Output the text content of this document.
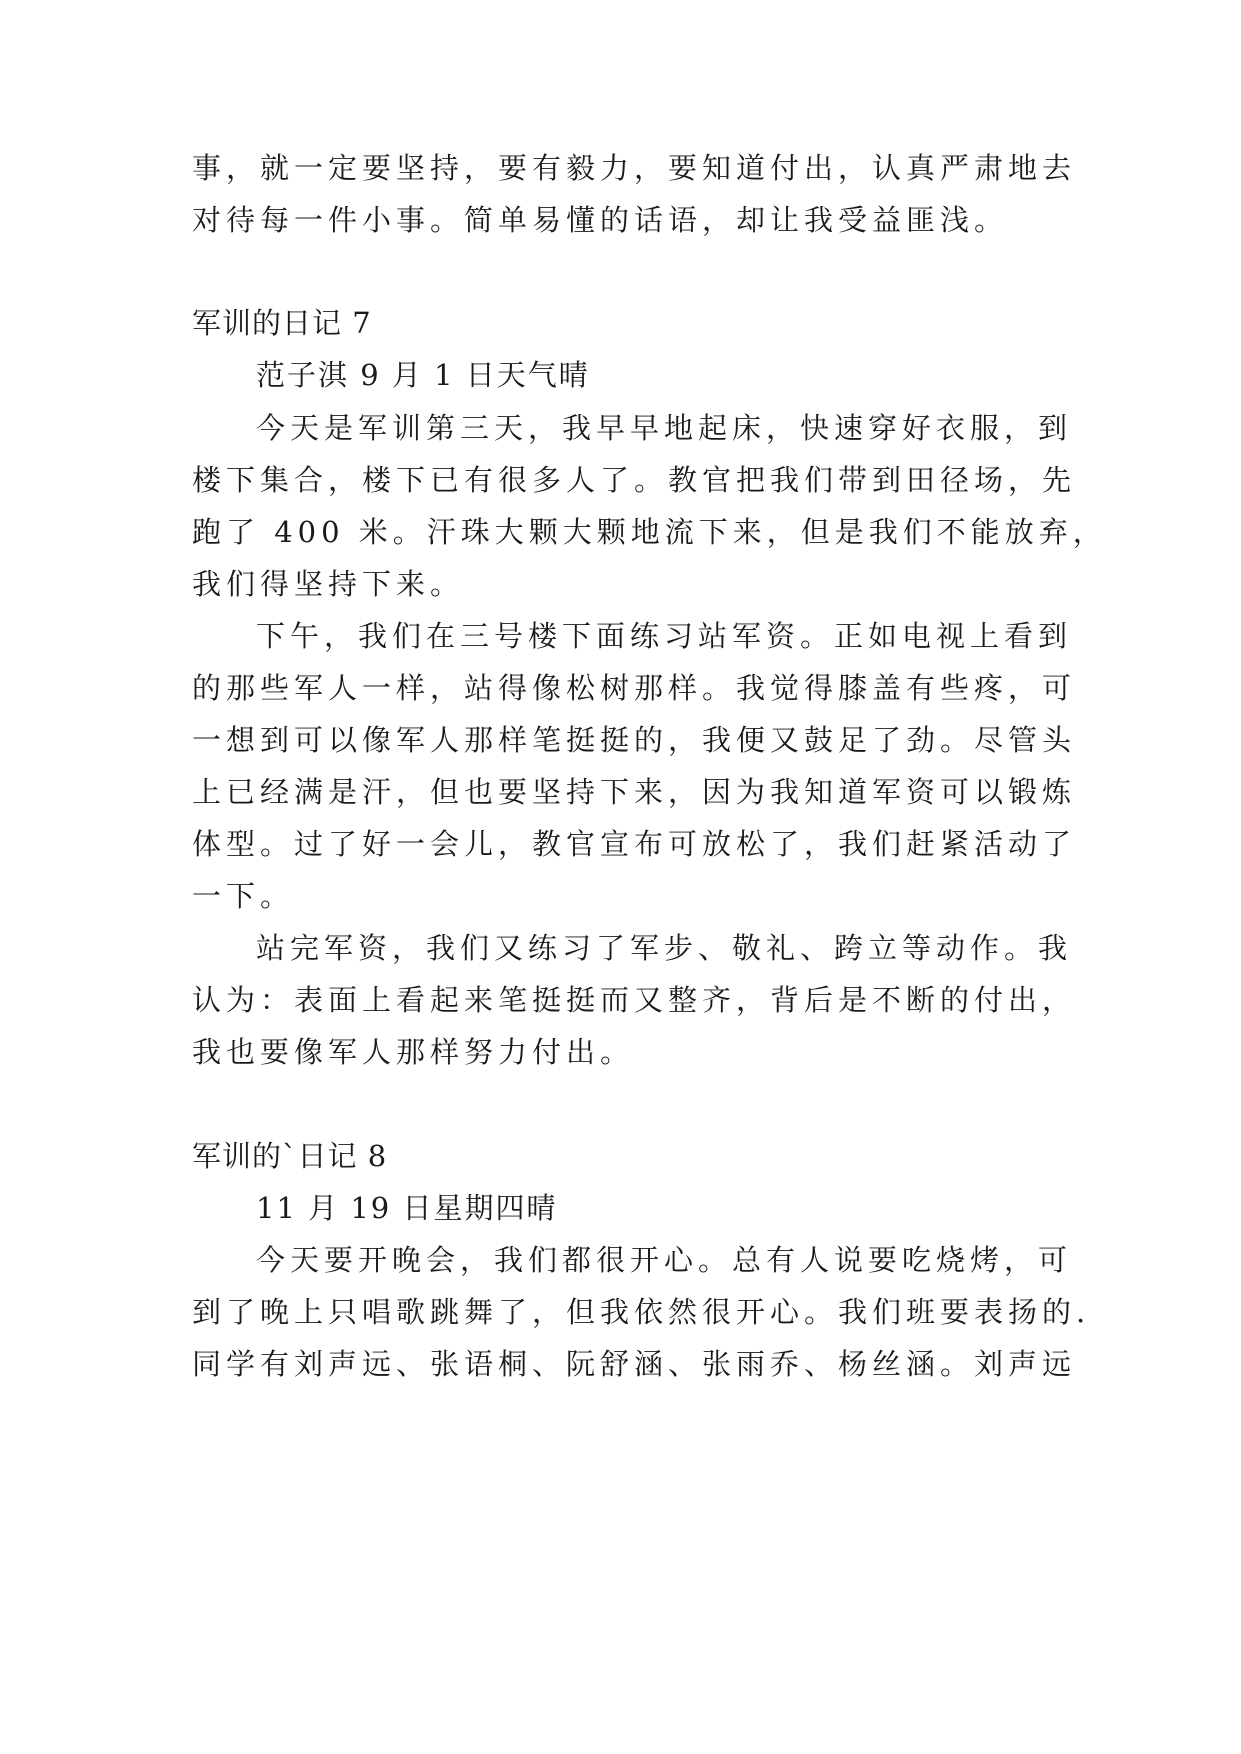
事，就一定要坚持，要有毅力，要知道付出，认真严肃地去
对待每一件小事。简单易懂的话语，却让我受益匪浅。
军训的日记 7
范子淇 9 月 1 日天气晴
今天是军训第三天，我早早地起床，快速穿好衣服，到
楼下集合，楼下已有很多人了。教官把我们带到田径场，先
跑了 400 米。汗珠大颗大颗地流下来，但是我们不能放弃，
我们得坚持下来。
下午，我们在三号楼下面练习站军资。正如电视上看到
的那些军人一样，站得像松树那样。我觉得膝盖有些疼，可
一想到可以像军人那样笔挺挺的，我便又鼓足了劲。尽管头
上已经满是汗，但也要坚持下来，因为我知道军资可以锻炼
体型。过了好一会儿，教官宣布可放松了，我们赶紧活动了
一下。
站完军资，我们又练习了军步、敬礼、跨立等动作。我
认为：表面上看起来笔挺挺而又整齐，背后是不断的付出，
我也要像军人那样努力付出。
军训的`日记 8
11 月 19 日星期四晴
今天要开晚会，我们都很开心。总有人说要吃烧烤，可
到了晚上只唱歌跳舞了，但我依然很开心。我们班要表扬的.
同学有刘声远、张语桐、阮舒涵、张雨乔、杨丝涵。刘声远
